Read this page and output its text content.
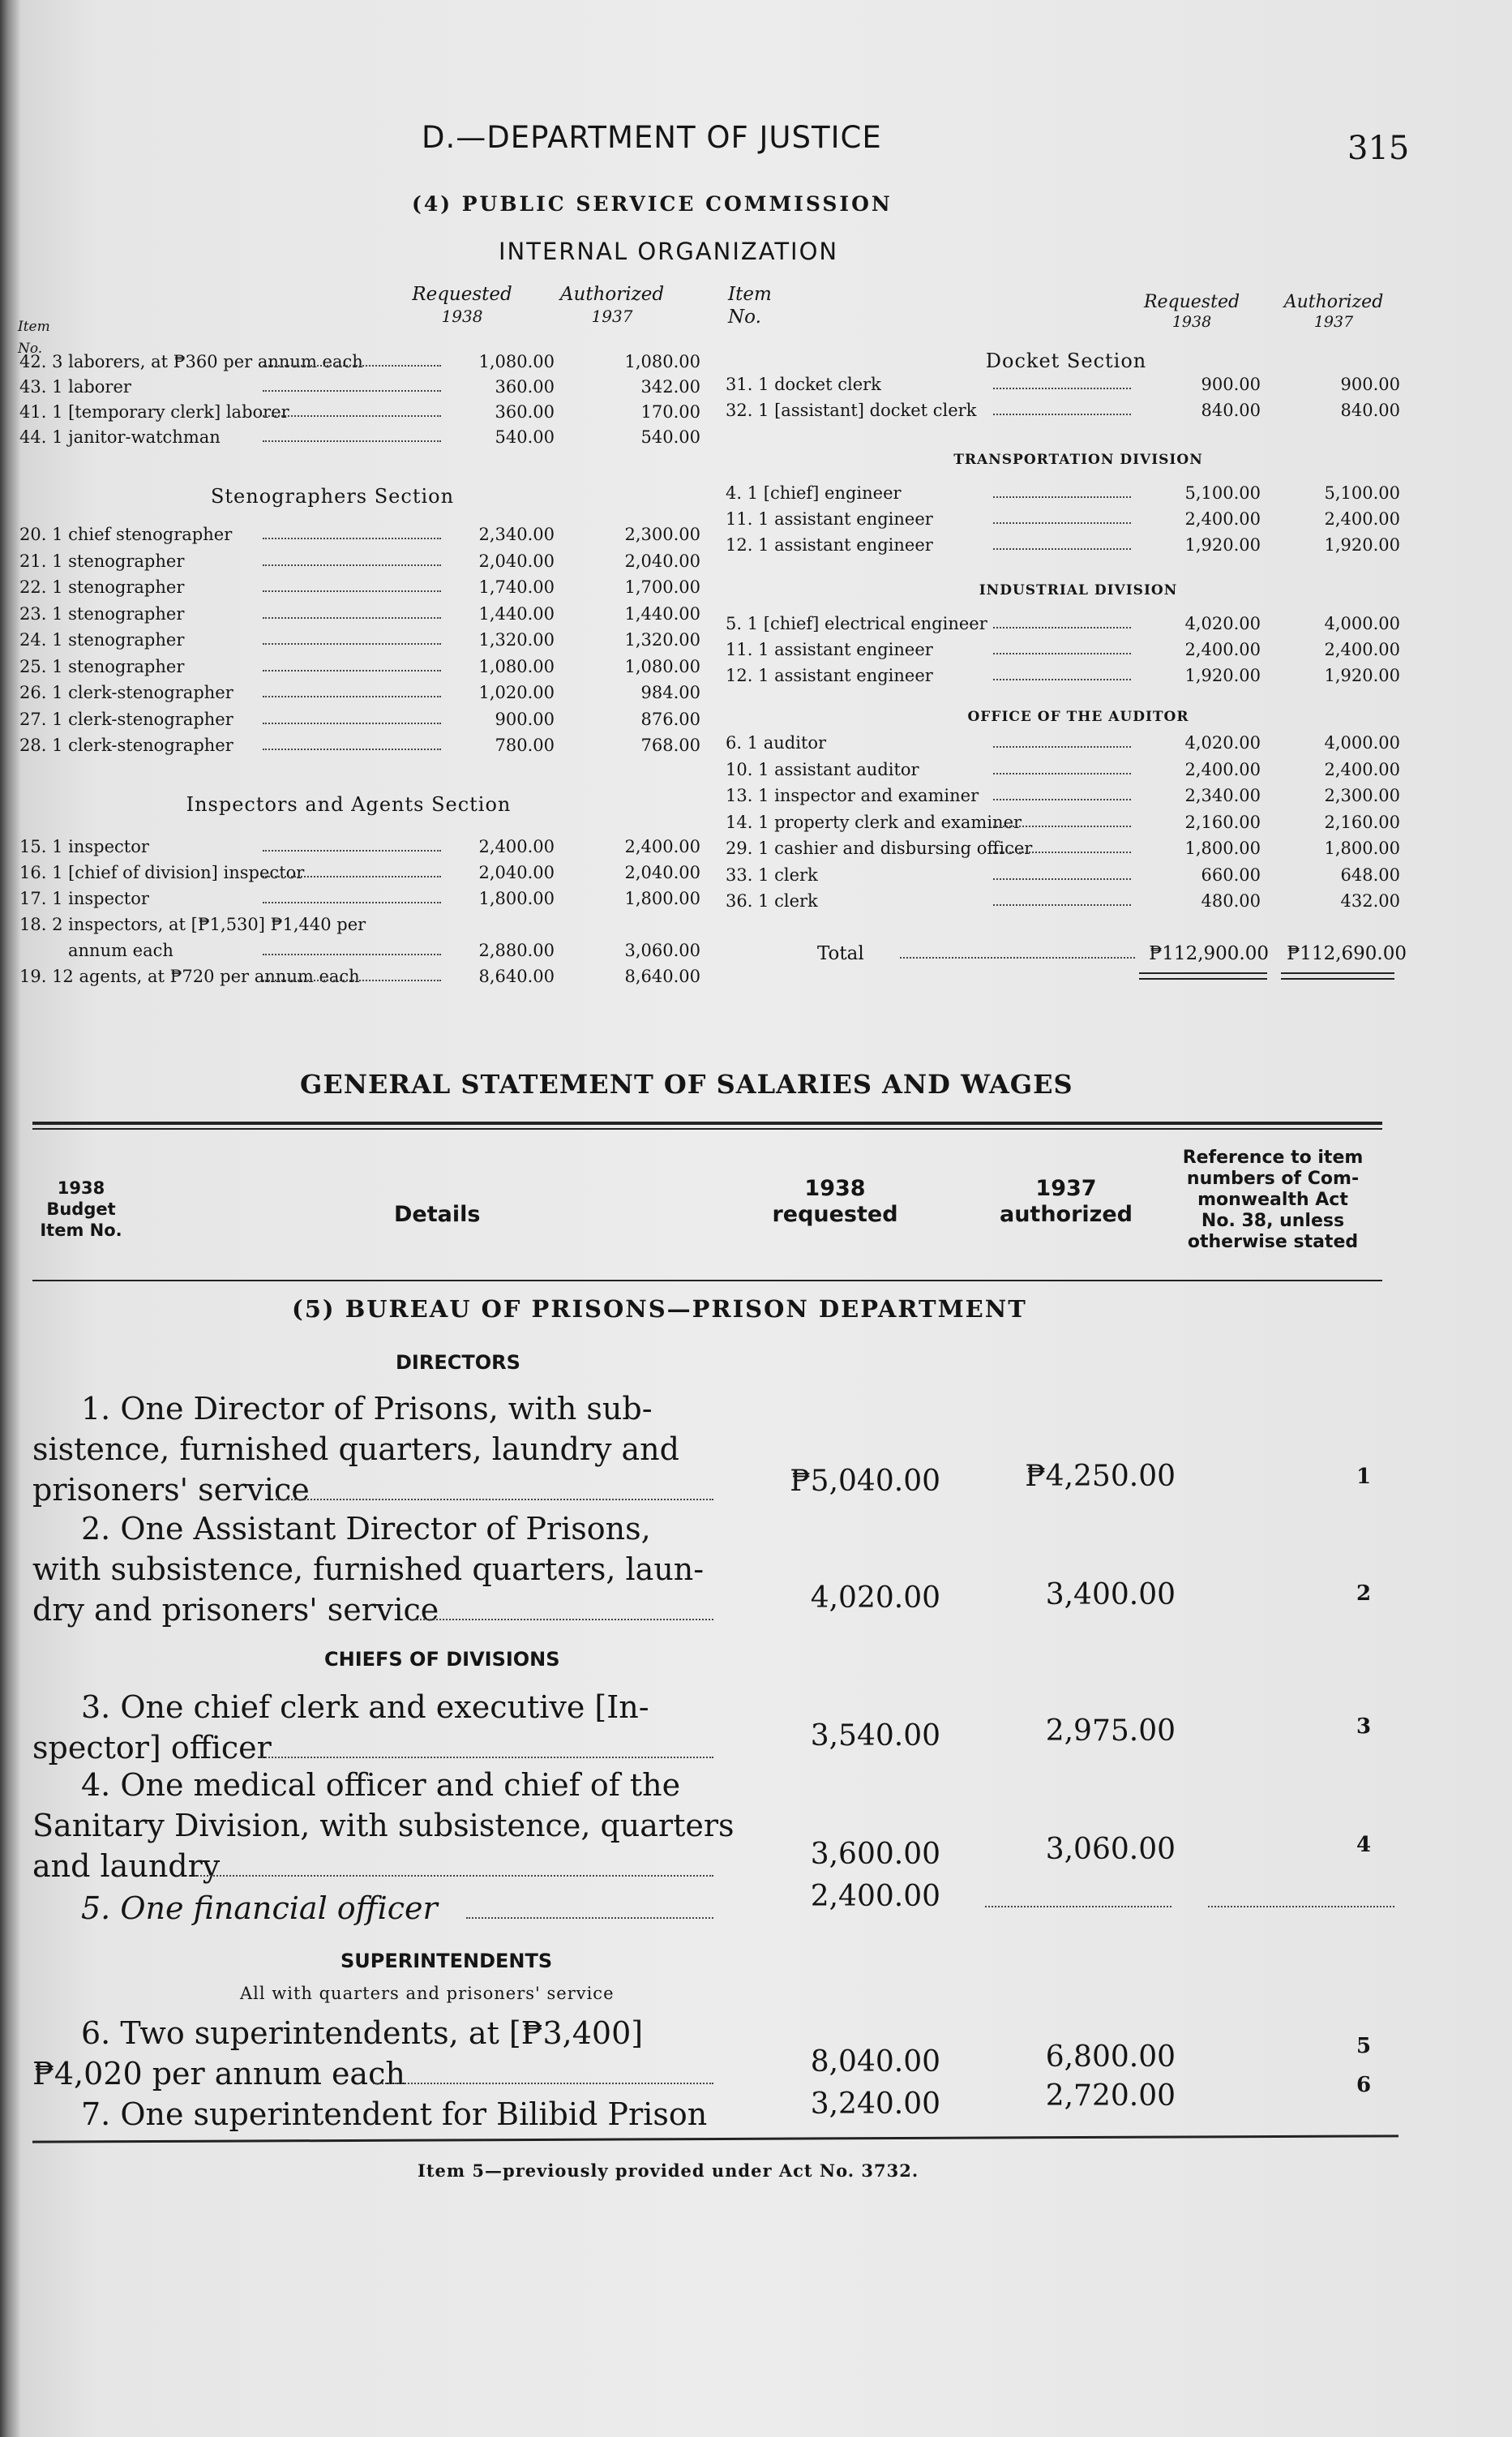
D.—DEPARTMENT OF JUSTICE	315
(4) PUBLIC SERVICE COMMISSION
INTERNAL ORGANIZATION
Item
No.
Requested
1938
Authorized
1937
42. 3 laborers, at ₱360 per annum each	1,080.00	1,080.00
43. 1 laborer	360.00	342.00
41. 1 [temporary clerk] laborer	360.00	170.00
44. 1 janitor-watchman	540.00	540.00
Stenographers Section
20. 1 chief stenographer	2,340.00	2,300.00
21. 1 stenographer	2,040.00	2,040.00
22. 1 stenographer	1,740.00	1,700.00
23. 1 stenographer	1,440.00	1,440.00
24. 1 stenographer	1,320.00	1,320.00
25. 1 stenographer	1,080.00	1,080.00
26. 1 clerk-stenographer	1,020.00	984.00
27. 1 clerk-stenographer	900.00	876.00
28. 1 clerk-stenographer	780.00	768.00
Inspectors and Agents Section
15. 1 inspector	2,400.00	2,400.00
16. 1 [chief of division] inspector	2,040.00	2,040.00
17. 1 inspector	1,800.00	1,800.00
18. 2 inspectors, at [₱1,530] ₱1,440 per
annum each	2,880.00	3,060.00
19. 12 agents, at ₱720 per annum each	8,640.00	8,640.00
Item
No.
Requested
1938
Authorized
1937
Docket Section
31. 1 docket clerk	900.00	900.00
32. 1 [assistant] docket clerk	840.00	840.00
TRANSPORTATION DIVISION
4. 1 [chief] engineer	5,100.00	5,100.00
11. 1 assistant engineer	2,400.00	2,400.00
12. 1 assistant engineer	1,920.00	1,920.00
INDUSTRIAL DIVISION
5. 1 [chief] electrical engineer	4,020.00	4,000.00
11. 1 assistant engineer	2,400.00	2,400.00
12. 1 assistant engineer	1,920.00	1,920.00
OFFICE OF THE AUDITOR
6. 1 auditor	4,020.00	4,000.00
10. 1 assistant auditor	2,400.00	2,400.00
13. 1 inspector and examiner	2,340.00	2,300.00
14. 1 property clerk and examiner	2,160.00	2,160.00
29. 1 cashier and disbursing officer	1,800.00	1,800.00
33. 1 clerk	660.00	648.00
36. 1 clerk	480.00	432.00
Total	₱112,900.00 ₱112,690.00
GENERAL STATEMENT OF SALARIES AND WAGES
1938
Budget
Item No.
Details
1938
requested
1937
authorized
Reference to item
numbers of Com-
monwealth Act
No. 38, unless
otherwise stated
(5) BUREAU OF PRISONS—PRISON DEPARTMENT
DIRECTORS
1. One Director of Prisons, with sub-
sistence, furnished quarters, laundry and
prisoners' service	₱5,040.00	₱4,250.00	1
2. One Assistant Director of Prisons,
with subsistence, furnished quarters, laun-
dry and prisoners' service	4,020.00	3,400.00	2
CHIEFS OF DIVISIONS
3. One chief clerk and executive [In-
spector] officer	3,540.00	2,975.00	3
4. One medical officer and chief of the
Sanitary Division, with subsistence, quarters
and laundry	3,600.00	3,060.00	4
5. One financial officer	2,400.00
SUPERINTENDENTS
All with quarters and prisoners' service
6. Two superintendents, at [₱3,400]
₱4,020 per annum each	8,040.00	6,800.00	5
7. One superintendent for Bilibid Prison	3,240.00	2,720.00	6
Item 5—previously provided under Act No. 3732.
